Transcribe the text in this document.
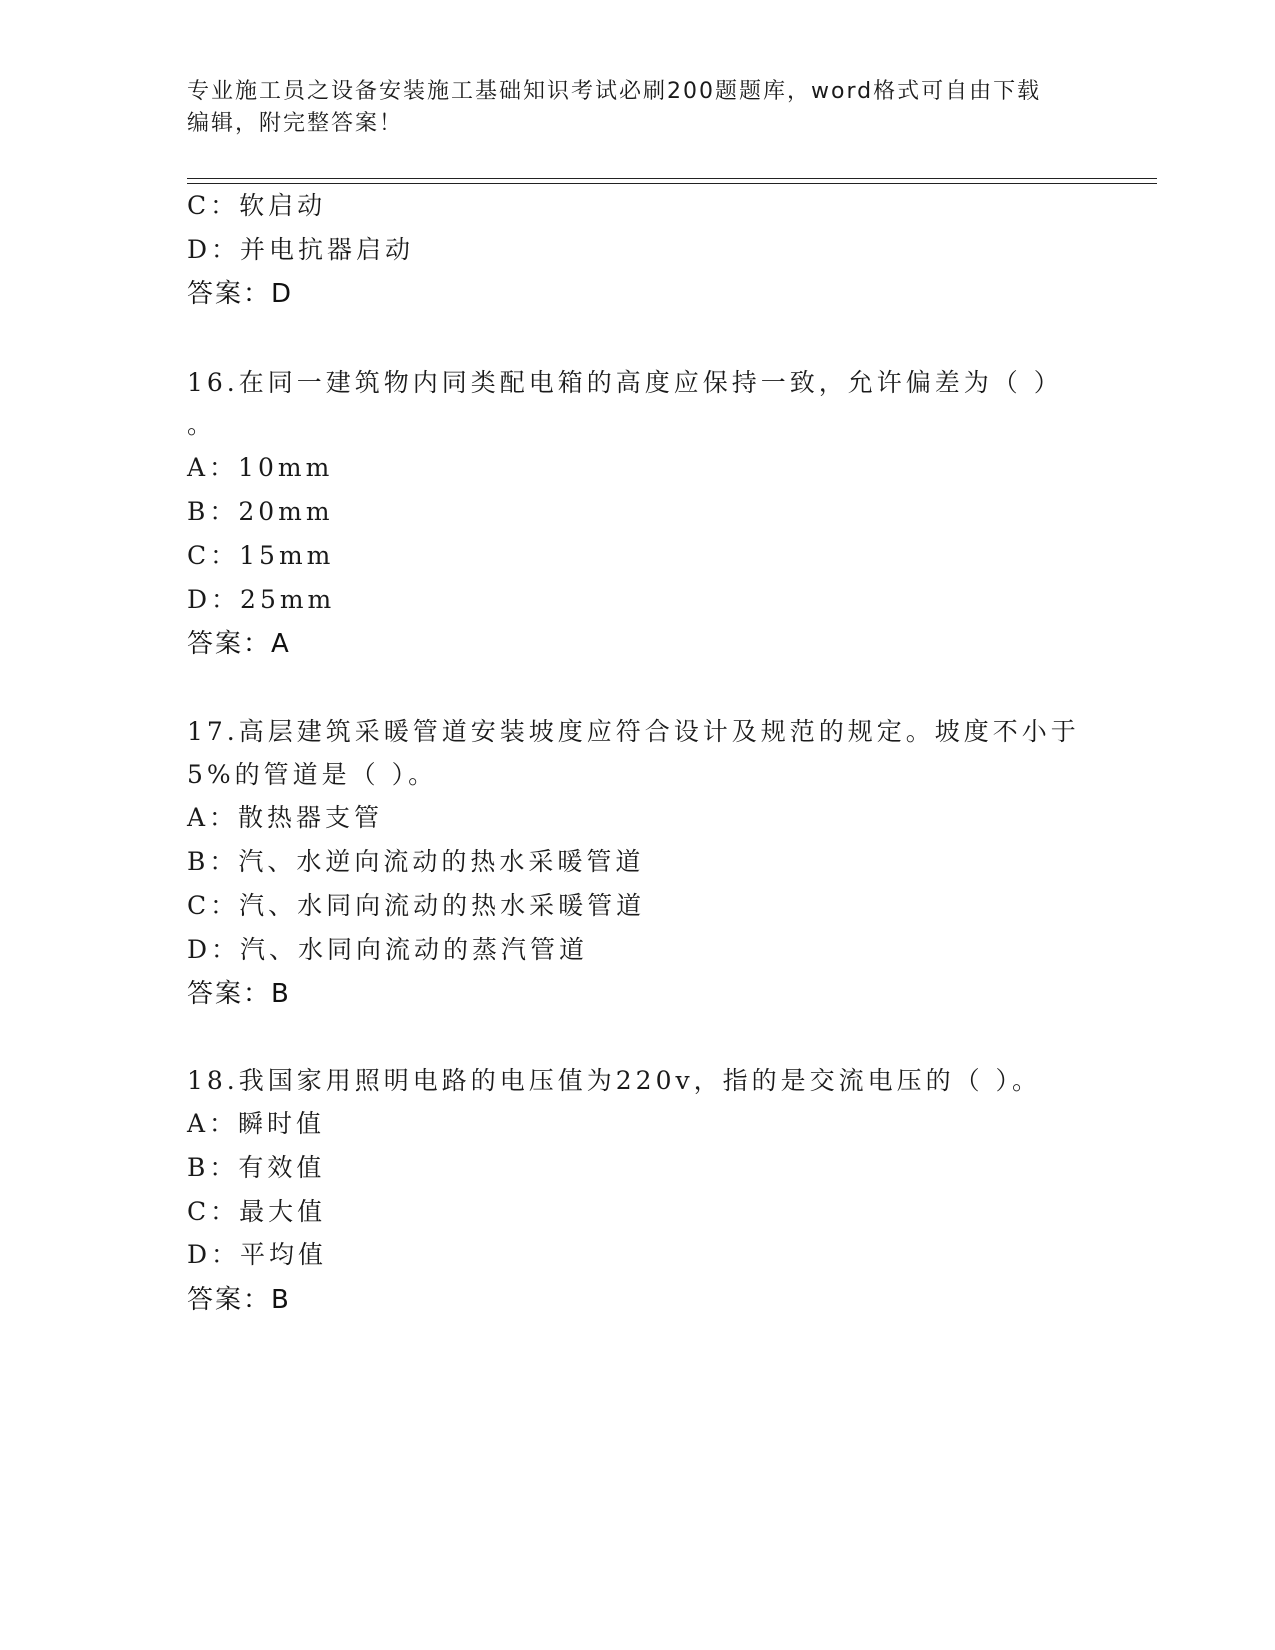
专业施工员之设备安装施工基础知识考试必刷200题题库，word格式可自由下载
编辑，附完整答案！
C：软启动
D：并电抗器启动
答案：D
16.在同一建筑物内同类配电箱的高度应保持一致，允许偏差为（ ）
。
A：10mm
B：20mm
C：15mm
D：25mm
答案：A
17.高层建筑采暖管道安装坡度应符合设计及规范的规定。坡度不小于
5%的管道是（ ）。
A：散热器支管
B：汽、水逆向流动的热水采暖管道
C：汽、水同向流动的热水采暖管道
D：汽、水同向流动的蒸汽管道
答案：B
18.我国家用照明电路的电压值为220v，指的是交流电压的（ ）。
A：瞬时值
B：有效值
C：最大值
D：平均值
答案：B
